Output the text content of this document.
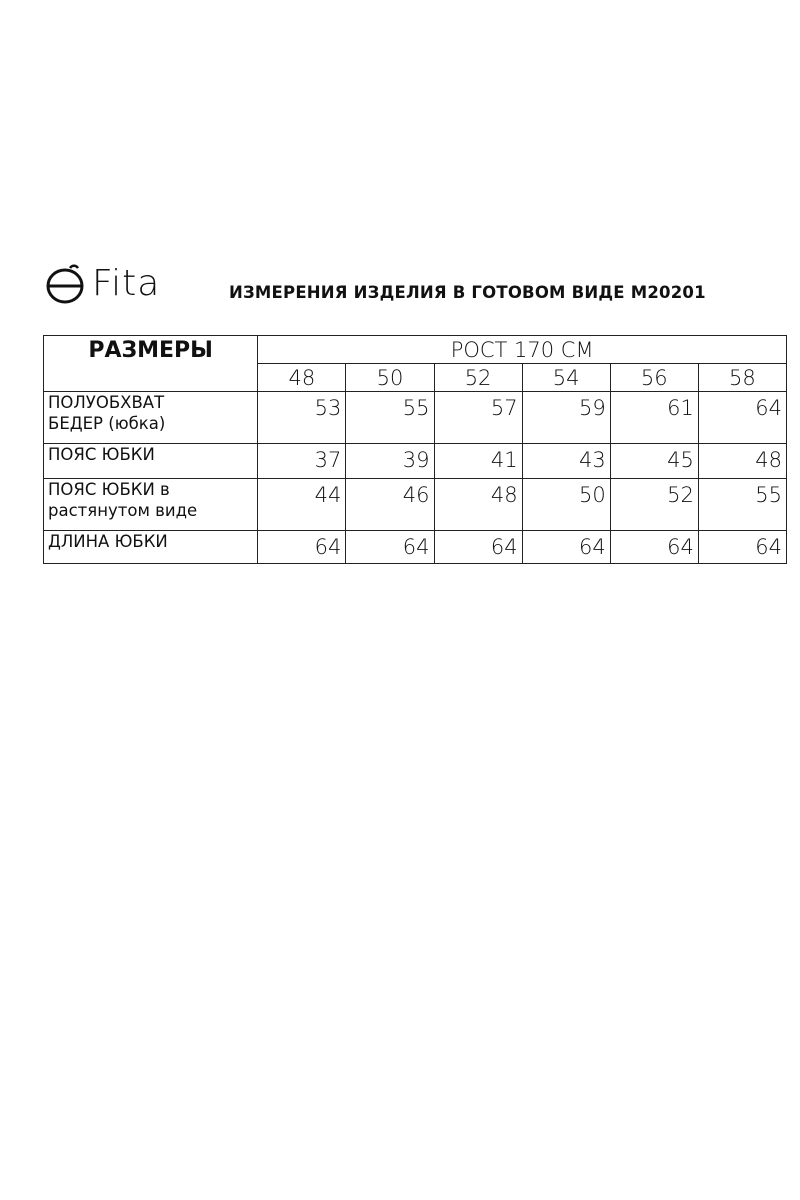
Fita	ИЗМЕРЕНИЯ ИЗДЕЛИЯ В ГОТОВОМ ВИДЕ М20201
РАЗМЕРЫ	РОСТ 170 СМ					
	48	50	52	54	56	58
ПОЛУОБХВАТ
БЕДЕР (юбка)	53	55	57	59	61	64
ПОЯС ЮБКИ	37	39	41	43	45	48
ПОЯС ЮБКИ в
растянутом виде	44	46	48	50	52	55
ДЛИНА ЮБКИ	64	64	64	64	64	64
